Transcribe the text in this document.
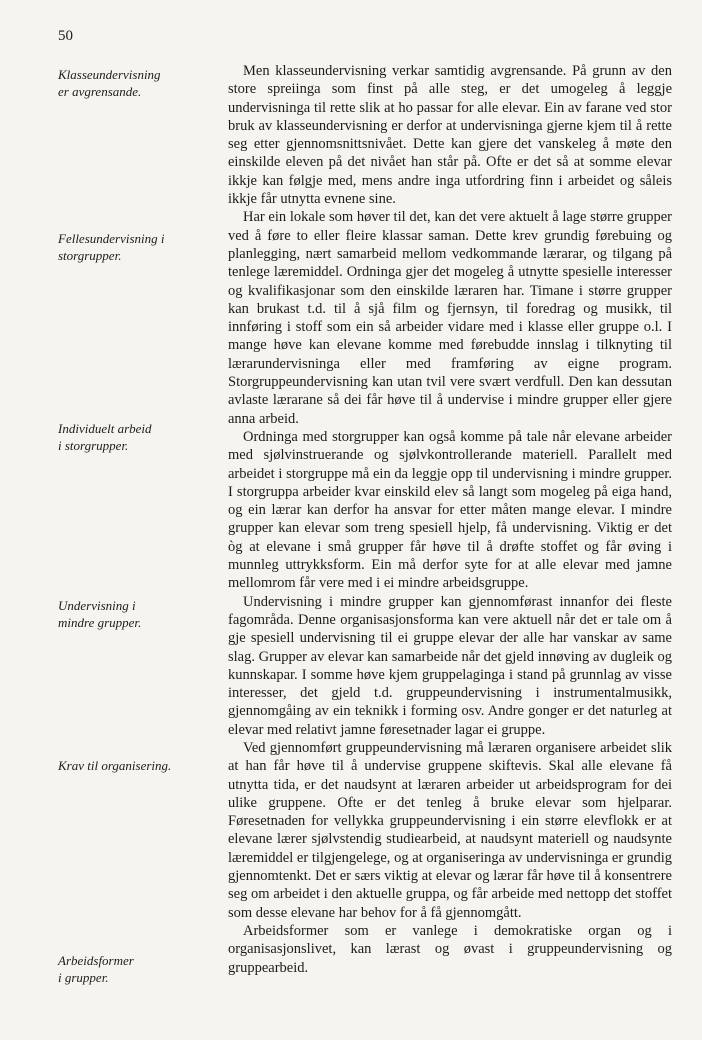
50
Klasseundervisning
er avgrensande.
Fellesundervisning i
storgrupper.
Individuelt arbeid
i storgrupper.
Undervisning i
mindre grupper.
Krav til organisering.
Arbeidsformer
i grupper.

Men klasseundervisning verkar samtidig avgrensande. På grunn av den store spreiinga som finst på alle steg, er det umogeleg å leggje undervisninga til rette slik at ho passar for alle elevar. Ein av farane ved stor bruk av klasseundervisning er derfor at undervisninga gjerne kjem til å rette seg etter gjennomsnittsnivået. Dette kan gjere det vanskeleg å møte den einskilde eleven på det nivået han står på. Ofte er det så at somme elevar ikkje kan følgje med, mens andre inga utfordring finn i arbeidet og såleis ikkje får utnytta evnene sine.

Har ein lokale som høver til det, kan det vere aktuelt å lage større grupper ved å føre to eller fleire klassar saman. Dette krev grundig førebuing og planlegging, nært samarbeid mellom vedkommande lærarar, og tilgang på tenlege læremiddel. Ordninga gjer det mogeleg å utnytte spesielle interesser og kvalifikasjonar som den einskilde læraren har. Timane i større grupper kan brukast t.d. til å sjå film og fjernsyn, til foredrag og musikk, til innføring i stoff som ein så arbeider vidare med i klasse eller gruppe o.l. I mange høve kan elevane komme med førebudde innslag i tilknyting til lærarundervisninga eller med framføring av eigne program. Storgruppeundervisning kan utan tvil vere svært verdfull. Den kan dessutan avlaste lærarane så dei får høve til å undervise i mindre grupper eller gjere anna arbeid.

Ordninga med storgrupper kan også komme på tale når elevane arbeider med sjølvinstruerande og sjølvkontrollerande materiell. Parallelt med arbeidet i storgruppe må ein da leggje opp til undervisning i mindre grupper. I storgruppa arbeider kvar einskild elev så langt som mogeleg på eiga hand, og ein lærar kan derfor ha ansvar for etter måten mange elevar. I mindre grupper kan elevar som treng spesiell hjelp, få undervisning. Viktig er det òg at elevane i små grupper får høve til å drøfte stoffet og får øving i munnleg uttrykksform. Ein må derfor syte for at alle elevar med jamne mellomrom får vere med i ei mindre arbeidsgruppe.

Undervisning i mindre grupper kan gjennomførast innanfor dei fleste fagområda. Denne organisasjonsforma kan vere aktuell når det er tale om å gje spesiell undervisning til ei gruppe elevar der alle har vanskar av same slag. Grupper av elevar kan samarbeide når det gjeld innøving av dugleik og kunnskapar. I somme høve kjem gruppelaginga i stand på grunnlag av visse interesser, det gjeld t.d. gruppeundervisning i instrumentalmusikk, gjennomgåing av ein teknikk i forming osv. Andre gonger er det naturleg at elevar med relativt jamne føresetnader lagar ei gruppe.

Ved gjennomført gruppeundervisning må læraren organisere arbeidet slik at han får høve til å undervise gruppene skiftevis. Skal alle elevane få utnytta tida, er det naudsynt at læraren arbeider ut arbeidsprogram for dei ulike gruppene. Ofte er det tenleg å bruke elevar som hjelparar. Føresetnaden for vellykka gruppeundervisning i ein større elevflokk er at elevane lærer sjølvstendig studiearbeid, at naudsynt materiell og naudsynte læremiddel er tilgjengelege, og at organiseringa av undervisninga er grundig gjennomtenkt. Det er særs viktig at elevar og lærar får høve til å konsentrere seg om arbeidet i den aktuelle gruppa, og får arbeide med nettopp det stoffet som desse elevane har behov for å få gjennomgått.

Arbeidsformer som er vanlege i demokratiske organ og i organisasjonslivet, kan lærast og øvast i gruppeundervisning og gruppearbeid.
